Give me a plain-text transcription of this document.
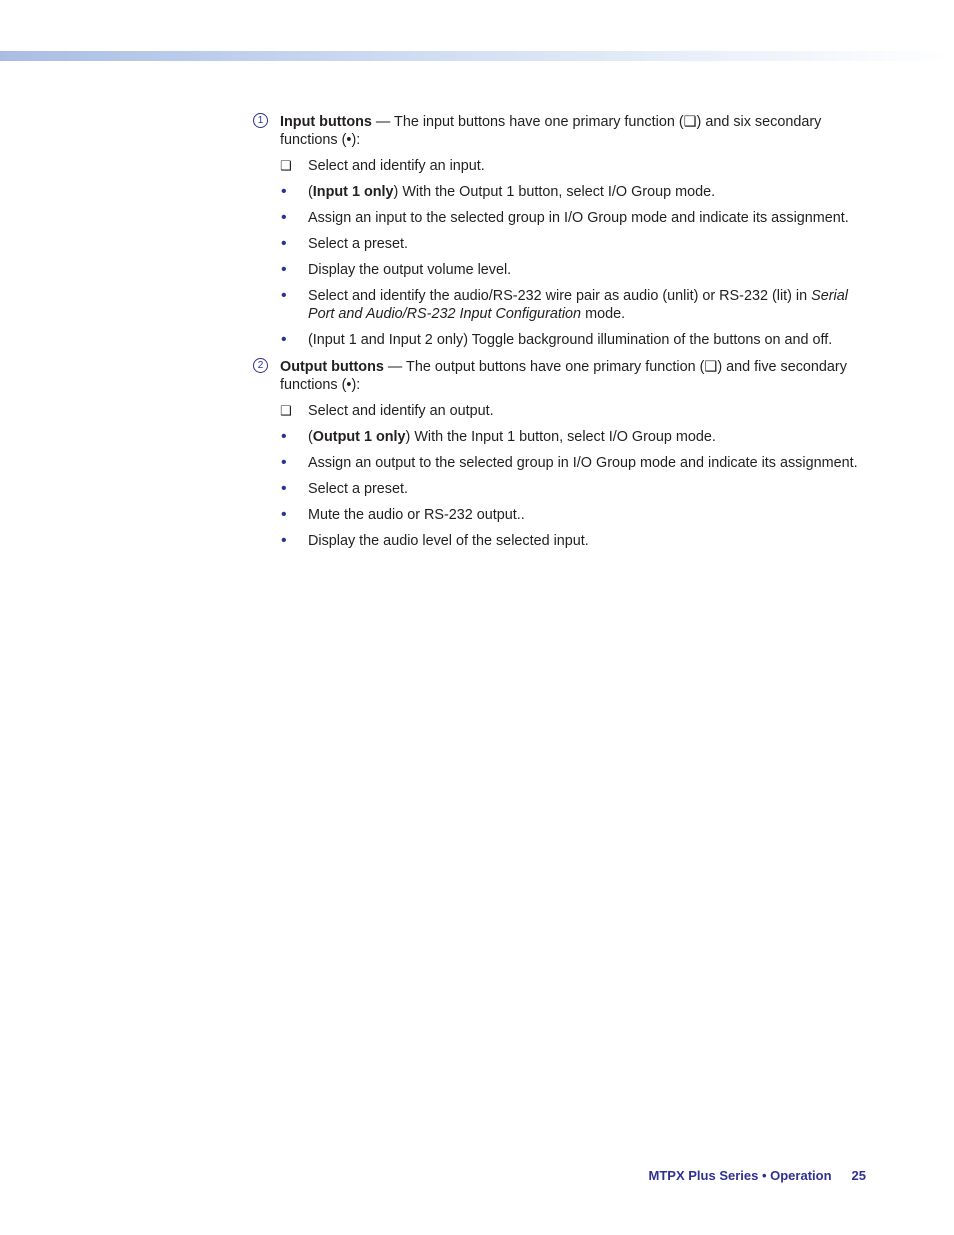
1	Input buttons — The input buttons have one primary function (❑) and six secondary functions (•):

❑	Select and identify an input.
•	(Input 1 only) With the Output 1 button, select I/O Group mode.
•	Assign an input to the selected group in I/O Group mode and indicate its assignment.
•	Select a preset.
•	Display the output volume level.
•	Select and identify the audio/RS-232 wire pair as audio (unlit) or RS-232 (lit) in Serial Port and Audio/RS-232 Input Configuration mode.
•	(Input 1 and Input 2 only) Toggle background illumination of the buttons on and off.
2	Output buttons — The output buttons have one primary function (❑) and five secondary functions (•):

❑	Select and identify an output.
•	(Output 1 only) With the Input 1 button, select I/O Group mode.
•	Assign an output to the selected group in I/O Group mode and indicate its assignment.
•	Select a preset.
•	Mute the audio or RS-232 output..
•	Display the audio level of the selected input.
MTPX Plus Series • Operation 25
